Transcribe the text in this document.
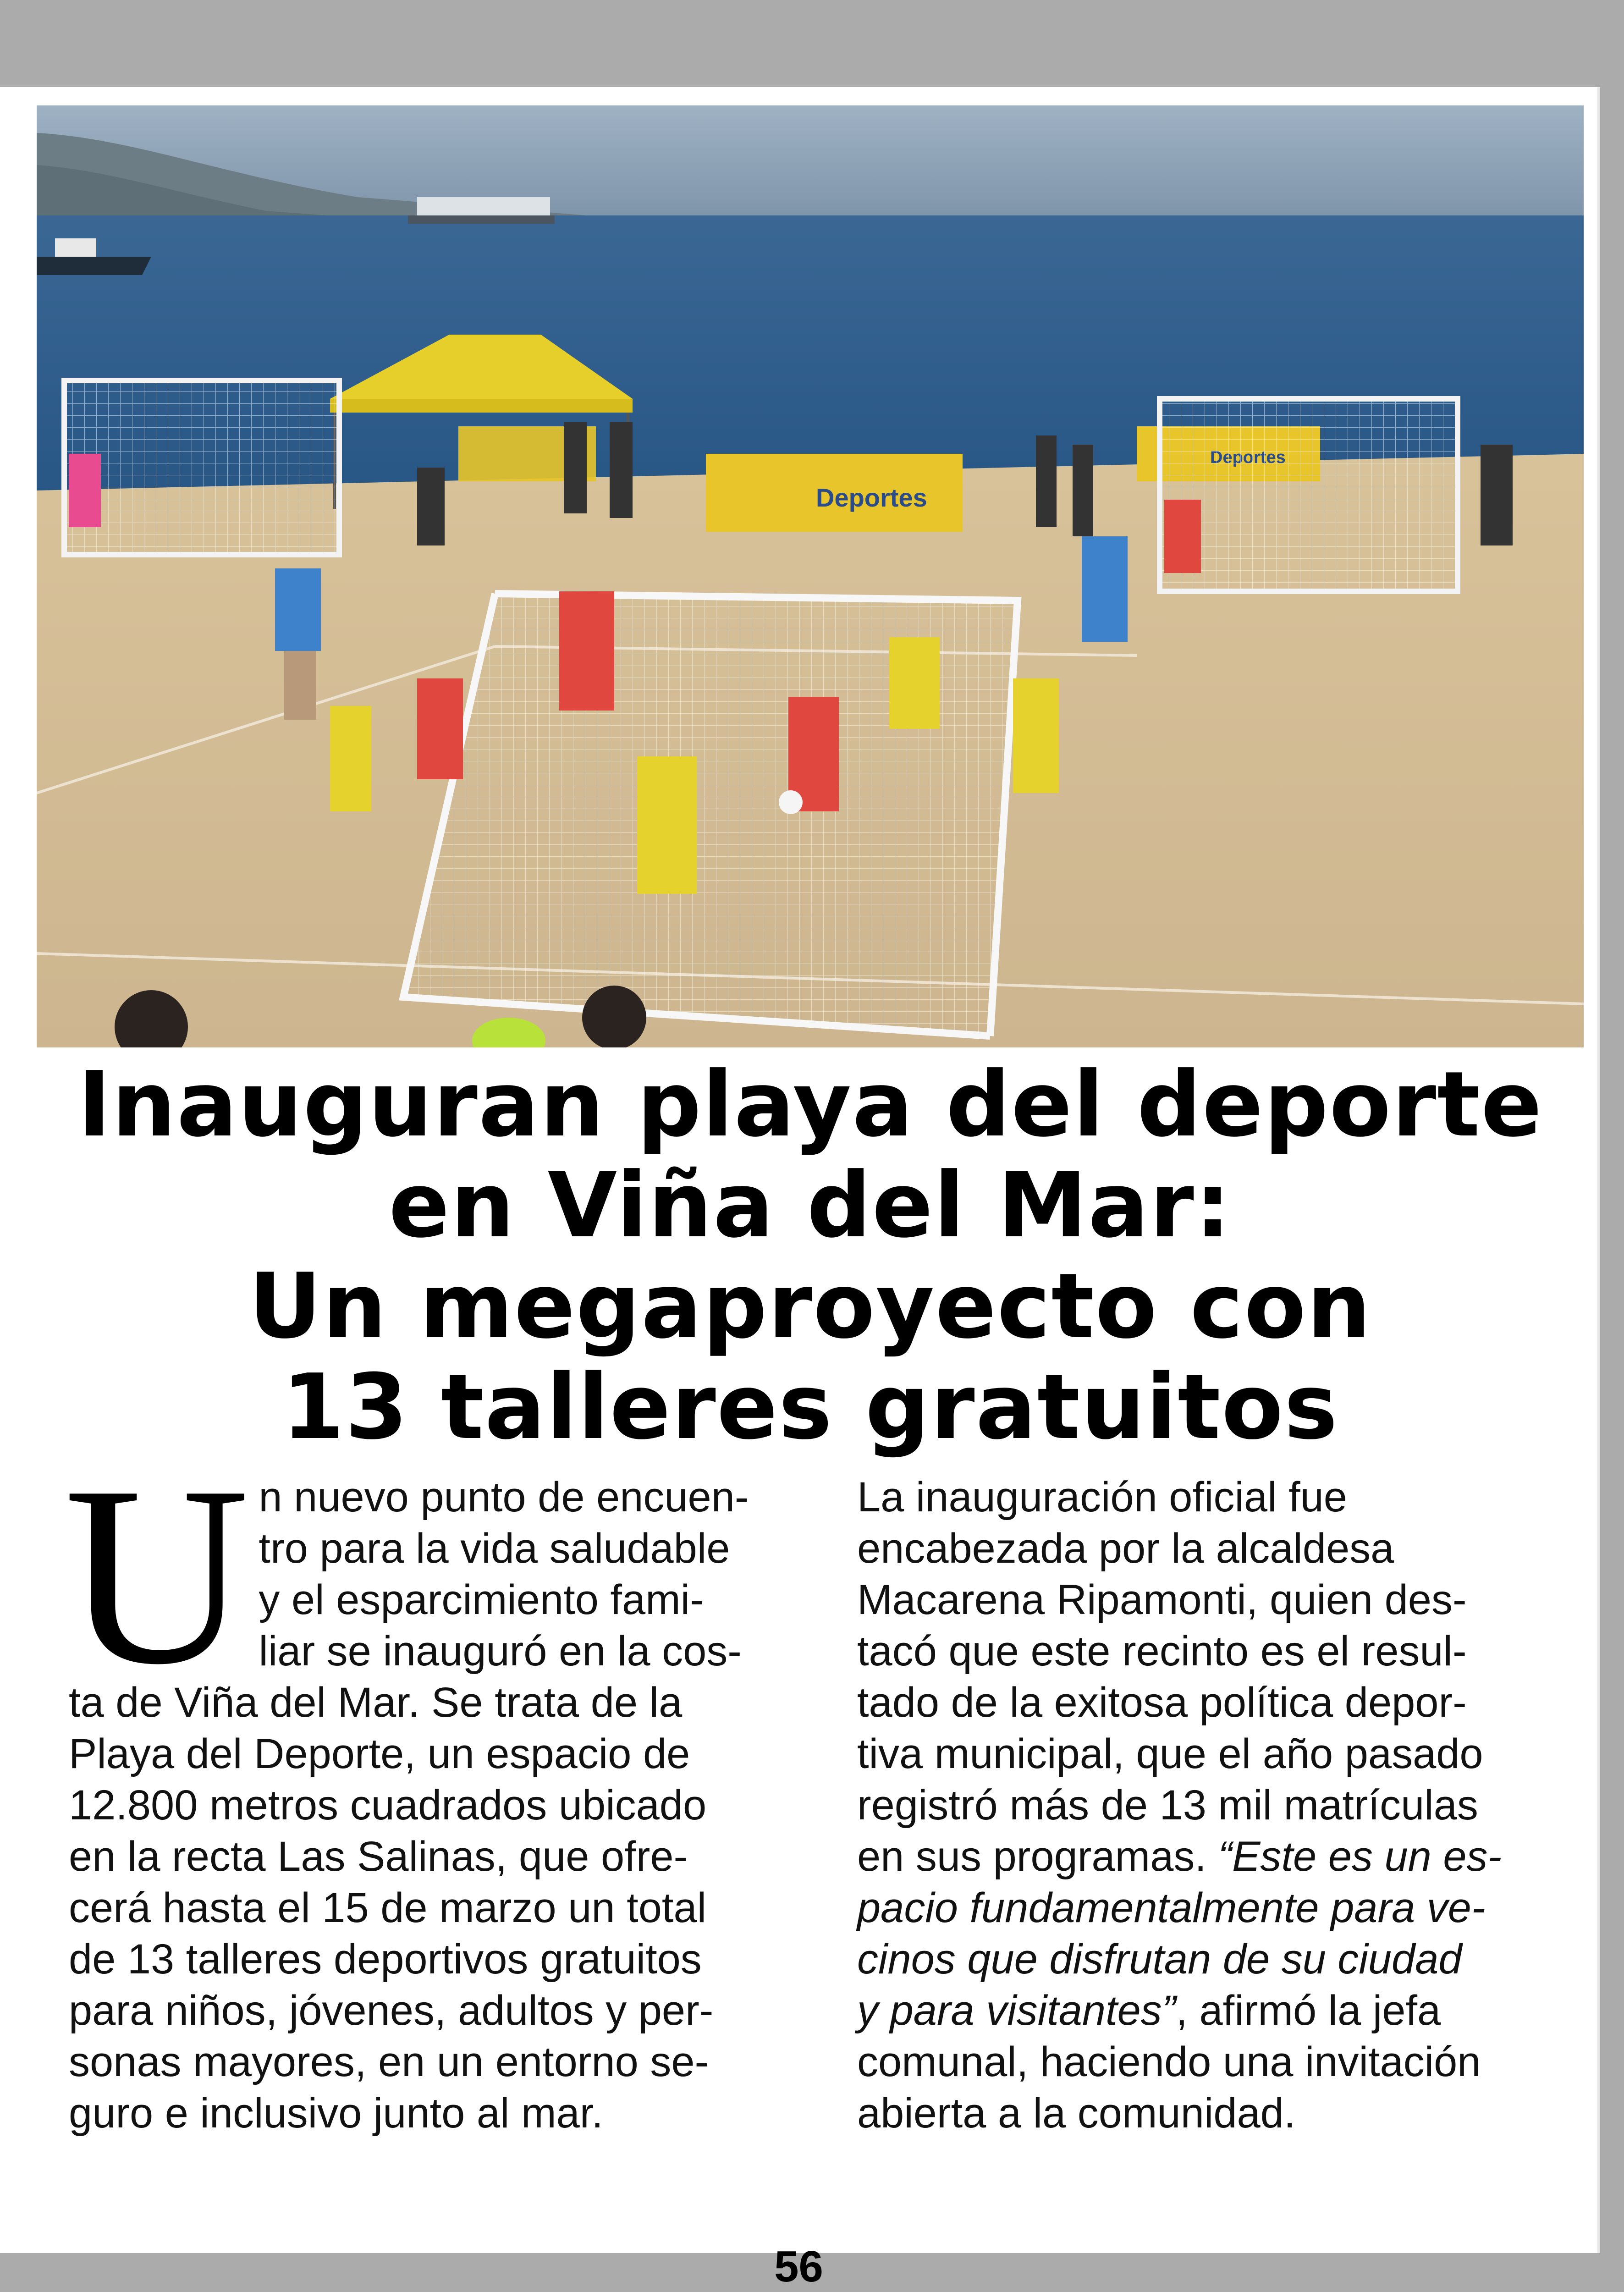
Deportes
Inauguran playa del deporte
en Viña del Mar:
Un megaproyecto con
13 talleres gratuitos
U n nuevo punto de encuen-
tro para la vida saludable
y el esparcimiento fami-
liar se inauguró en la cos-
ta de Viña del Mar. Se trata de la
Playa del Deporte, un espacio de
12.800 metros cuadrados ubicado
en la recta Las Salinas, que ofre-
cerá hasta el 15 de marzo un total
de 13 talleres deportivos gratuitos
para niños, jóvenes, adultos y per-
sonas mayores, en un entorno se-
guro e inclusivo junto al mar.

La inauguración oficial fue
encabezada por la alcaldesa
Macarena Ripamonti, quien des-
tacó que este recinto es el resul-
tado de la exitosa política depor-
tiva municipal, que el año pasado
registró más de 13 mil matrículas
en sus programas. “Este es un es-
pacio fundamentalmente para ve-
cinos que disfrutan de su ciudad
y para visitantes”, afirmó la jefa
comunal, haciendo una invitación
abierta a la comunidad.

56
